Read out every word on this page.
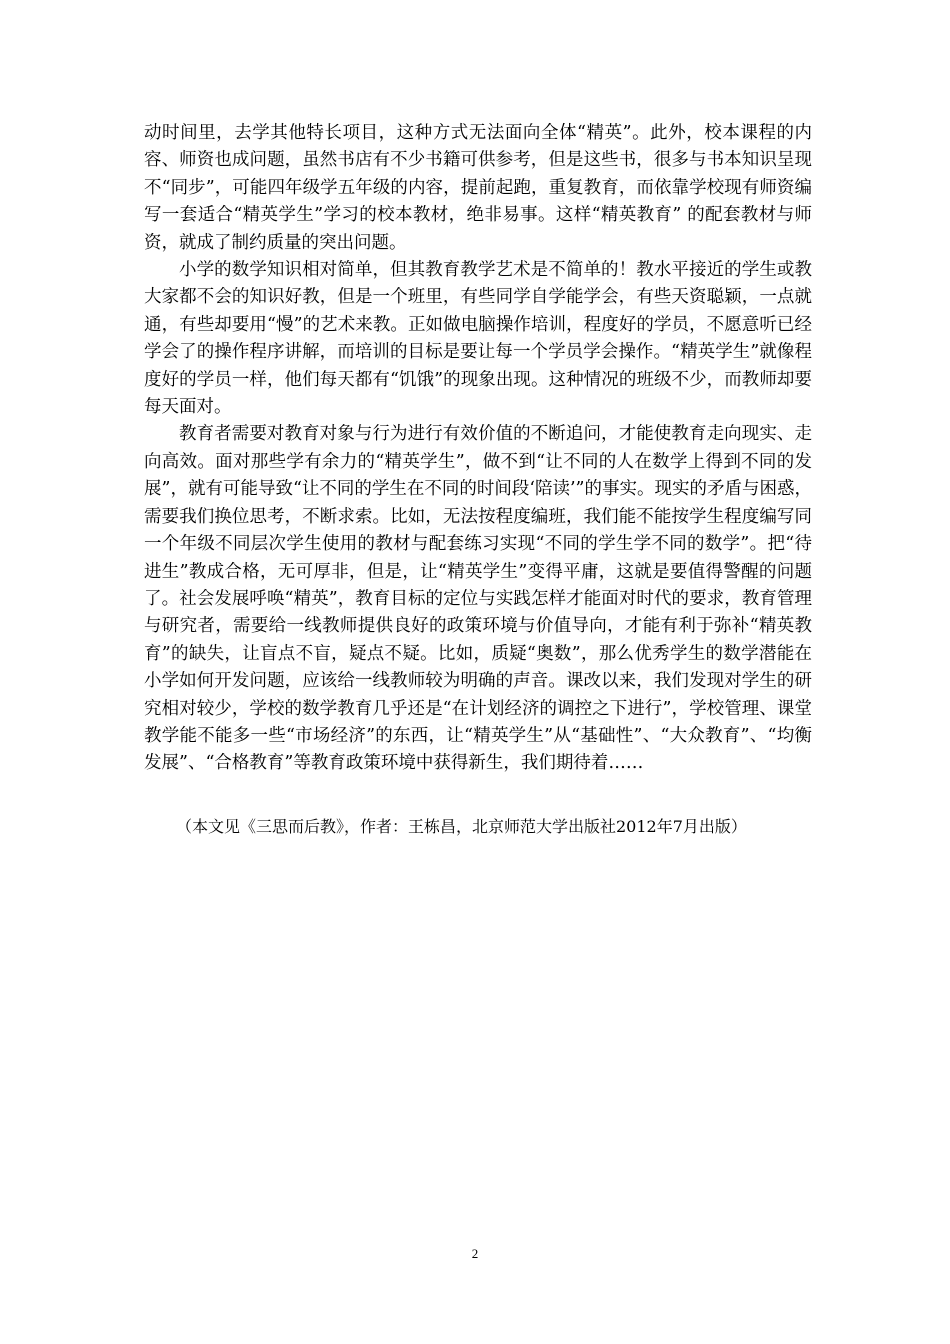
动时间里，去学其他特长项目，这种方式无法面向全体“精英”。此外，校本课程的内容、师资也成问题，虽然书店有不少书籍可供参考，但是这些书，很多与书本知识呈现不“同步”，可能四年级学五年级的内容，提前起跑，重复教育，而依靠学校现有师资编写一套适合“精英学生”学习的校本教材，绝非易事。这样“精英教育” 的配套教材与师资，就成了制约质量的突出问题。

小学的数学知识相对简单，但其教育教学艺术是不简单的！教水平接近的学生或教大家都不会的知识好教，但是一个班里，有些同学自学能学会，有些天资聪颖，一点就通，有些却要用“慢”的艺术来教。正如做电脑操作培训，程度好的学员，不愿意听已经学会了的操作程序讲解，而培训的目标是要让每一个学员学会操作。“精英学生”就像程度好的学员一样，他们每天都有“饥饿”的现象出现。这种情况的班级不少，而教师却要每天面对。

教育者需要对教育对象与行为进行有效价值的不断追问，才能使教育走向现实、走向高效。面对那些学有余力的“精英学生”，做不到“让不同的人在数学上得到不同的发展”，就有可能导致“让不同的学生在不同的时间段‘陪读’”的事实。现实的矛盾与困惑，需要我们换位思考，不断求索。比如，无法按程度编班，我们能不能按学生程度编写同一个年级不同层次学生使用的教材与配套练习实现“不同的学生学不同的数学”。把“待进生”教成合格，无可厚非，但是，让“精英学生”变得平庸，这就是要值得警醒的问题了。社会发展呼唤“精英”，教育目标的定位与实践怎样才能面对时代的要求，教育管理与研究者，需要给一线教师提供良好的政策环境与价值导向，才能有利于弥补“精英教育”的缺失，让盲点不盲，疑点不疑。比如，质疑“奥数”，那么优秀学生的数学潜能在小学如何开发问题，应该给一线教师较为明确的声音。课改以来，我们发现对学生的研究相对较少，学校的数学教育几乎还是“在计划经济的调控之下进行”，学校管理、课堂教学能不能多一些“市场经济”的东西，让“精英学生”从“基础性”、“大众教育”、“均衡发展”、“合格教育”等教育政策环境中获得新生，我们期待着……

（本文见《三思而后教》，作者：王栋昌，北京师范大学出版社2012年7月出版）

2
